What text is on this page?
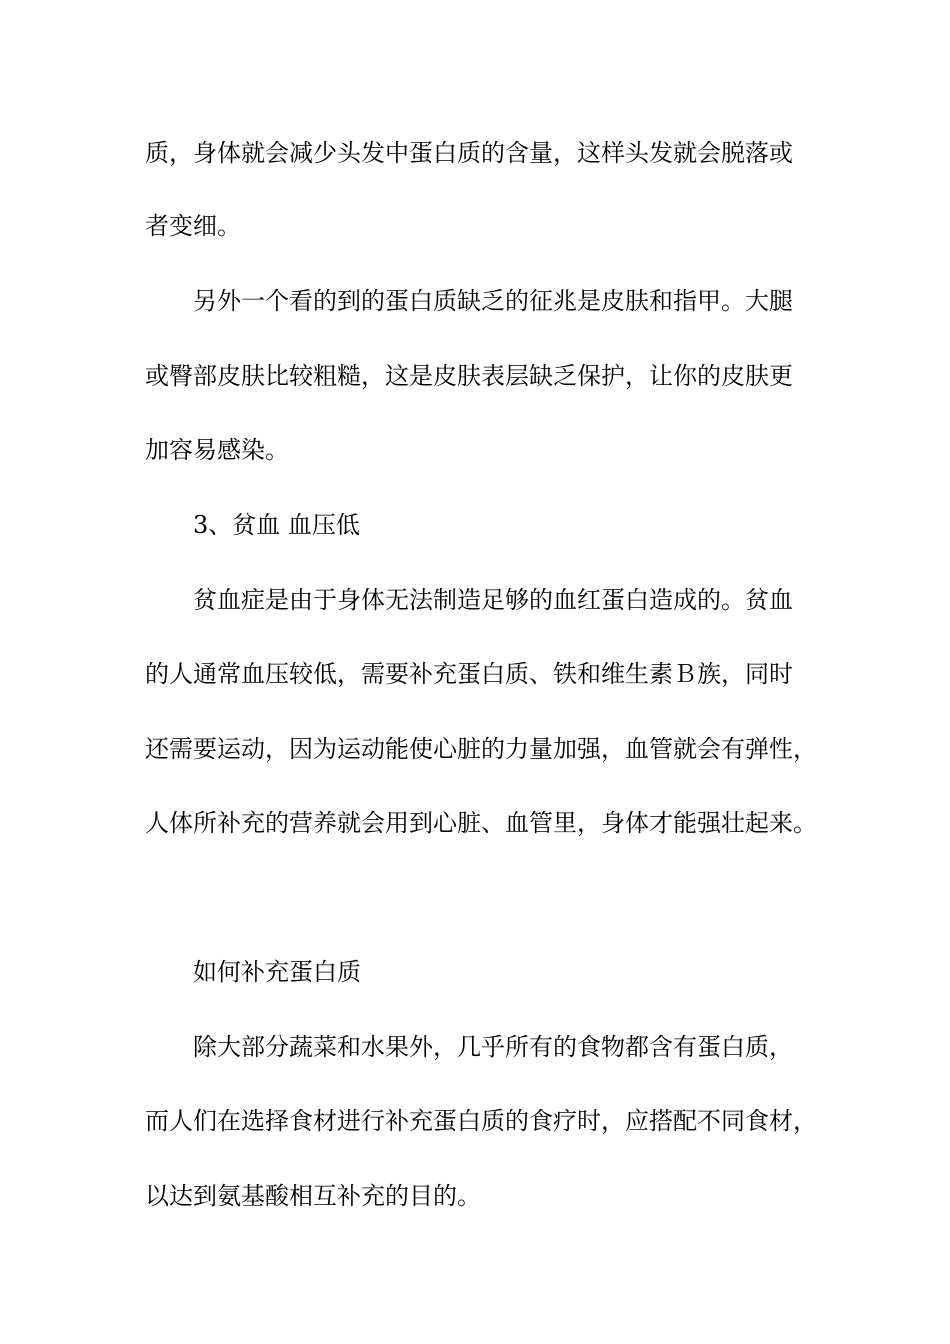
质，身体就会减少头发中蛋白质的含量，这样头发就会脱落或
者变细。
另外一个看的到的蛋白质缺乏的征兆是皮肤和指甲。大腿
或臀部皮肤比较粗糙，这是皮肤表层缺乏保护，让你的皮肤更
加容易感染。
3、贫血 血压低
贫血症是由于身体无法制造足够的血红蛋白造成的。贫血
的人通常血压较低，需要补充蛋白质、铁和维生素Ｂ族，同时
还需要运动，因为运动能使心脏的力量加强，血管就会有弹性，
人体所补充的营养就会用到心脏、血管里，身体才能强壮起来。
如何补充蛋白质
除大部分蔬菜和水果外，几乎所有的食物都含有蛋白质，
而人们在选择食材进行补充蛋白质的食疗时，应搭配不同食材，
以达到氨基酸相互补充的目的。
